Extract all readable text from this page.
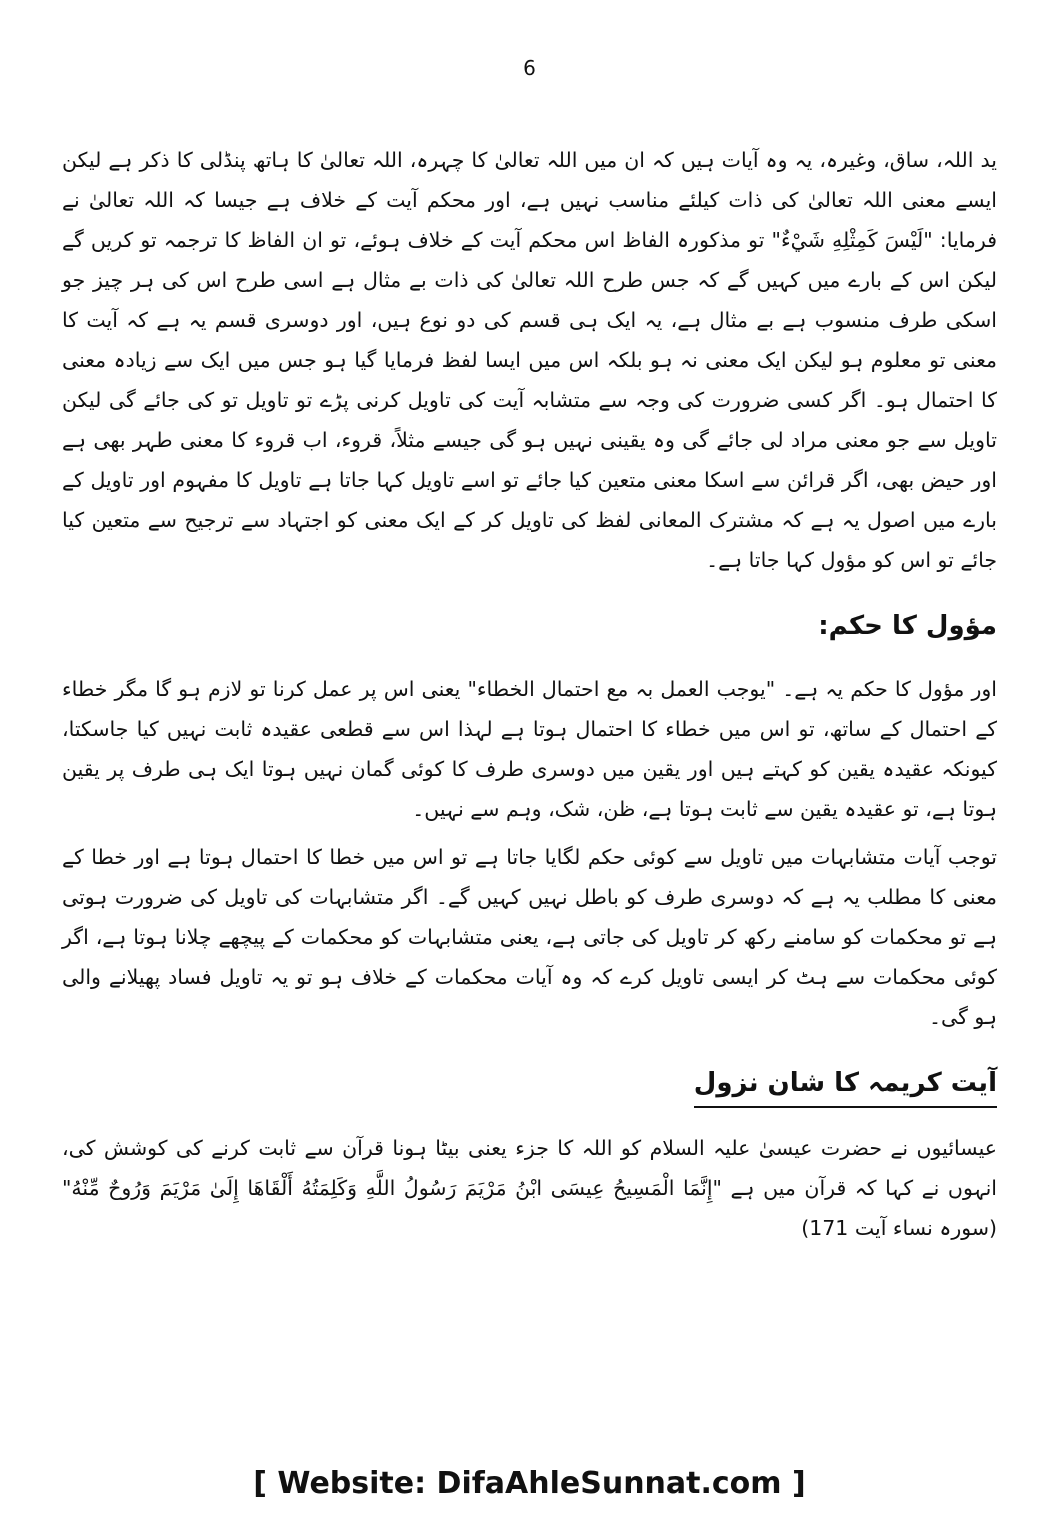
6

ید اللہ، ساق، وغیرہ، یہ وہ آیات ہیں کہ ان میں اللہ تعالیٰ کا چہرہ، اللہ تعالیٰ کا ہاتھ پنڈلی کا ذکر ہے لیکن ایسے معنی اللہ تعالیٰ کی ذات کیلئے مناسب نہیں ہے، اور محکم آیت کے خلاف ہے جیسا کہ اللہ تعالیٰ نے فرمایا: "لَيْسَ كَمِثْلِهِ شَيْءٌ" تو مذکورہ الفاظ اس محکم آیت کے خلاف ہوئے، تو ان الفاظ کا ترجمہ تو کریں گے لیکن اس کے بارے میں کہیں گے کہ جس طرح اللہ تعالیٰ کی ذات بے مثال ہے اسی طرح اس کی ہر چیز جو اسکی طرف منسوب ہے بے مثال ہے، یہ ایک ہی قسم کی دو نوع ہیں، اور دوسری قسم یہ ہے کہ آیت کا معنی تو معلوم ہو لیکن ایک معنی نہ ہو بلکہ اس میں ایسا لفظ فرمایا گیا ہو جس میں ایک سے زیادہ معنی کا احتمال ہو۔ اگر کسی ضرورت کی وجہ سے متشابہ آیت کی تاویل کرنی پڑے تو تاویل تو کی جائے گی لیکن تاویل سے جو معنی مراد لی جائے گی وہ یقینی نہیں ہو گی جیسے مثلاً، قروء، اب قروء کا معنی طہر بھی ہے اور حیض بھی، اگر قرائن سے اسکا معنی متعین کیا جائے تو اسے تاویل کہا جاتا ہے تاویل کا مفہوم اور تاویل کے بارے میں اصول یہ ہے کہ مشترک المعانی لفظ کی تاویل کر کے ایک معنی کو اجتہاد سے ترجیح سے متعین کیا جائے تو اس کو مؤول کہا جاتا ہے۔

مؤول کا حکم:

اور مؤول کا حکم یہ ہے۔ "یوجب العمل بہ مع احتمال الخطاء" یعنی اس پر عمل کرنا تو لازم ہو گا مگر خطاء کے احتمال کے ساتھ، تو اس میں خطاء کا احتمال ہوتا ہے لہذا اس سے قطعی عقیدہ ثابت نہیں کیا جاسکتا، کیونکہ عقیدہ یقین کو کہتے ہیں اور یقین میں دوسری طرف کا کوئی گمان نہیں ہوتا ایک ہی طرف پر یقین ہوتا ہے، تو عقیدہ یقین سے ثابت ہوتا ہے، ظن، شک، وہم سے نہیں۔

توجب آیات متشابہات میں تاویل سے کوئی حکم لگایا جاتا ہے تو اس میں خطا کا احتمال ہوتا ہے اور خطا کے معنی کا مطلب یہ ہے کہ دوسری طرف کو باطل نہیں کہیں گے۔ اگر متشابہات کی تاویل کی ضرورت ہوتی ہے تو محکمات کو سامنے رکھ کر تاویل کی جاتی ہے، یعنی متشابہات کو محکمات کے پیچھے چلانا ہوتا ہے، اگر کوئی محکمات سے ہٹ کر ایسی تاویل کرے کہ وہ آیات محکمات کے خلاف ہو تو یہ تاویل فساد پھیلانے والی ہو گی۔

آیت کریمہ کا شان نزول

عیسائیوں نے حضرت عیسیٰ علیہ السلام کو اللہ کا جزء یعنی بیٹا ہونا قرآن سے ثابت کرنے کی کوشش کی، انہوں نے کہا کہ قرآن میں ہے "إِنَّمَا الْمَسِيحُ عِيسَى ابْنُ مَرْيَمَ رَسُولُ اللَّهِ وَكَلِمَتُهُ أَلْقَاهَا إِلَىٰ مَرْيَمَ وَرُوحٌ مِّنْهُ" (سورہ نساء آیت 171)

[ Website: DifaAhleSunnat.com ]
